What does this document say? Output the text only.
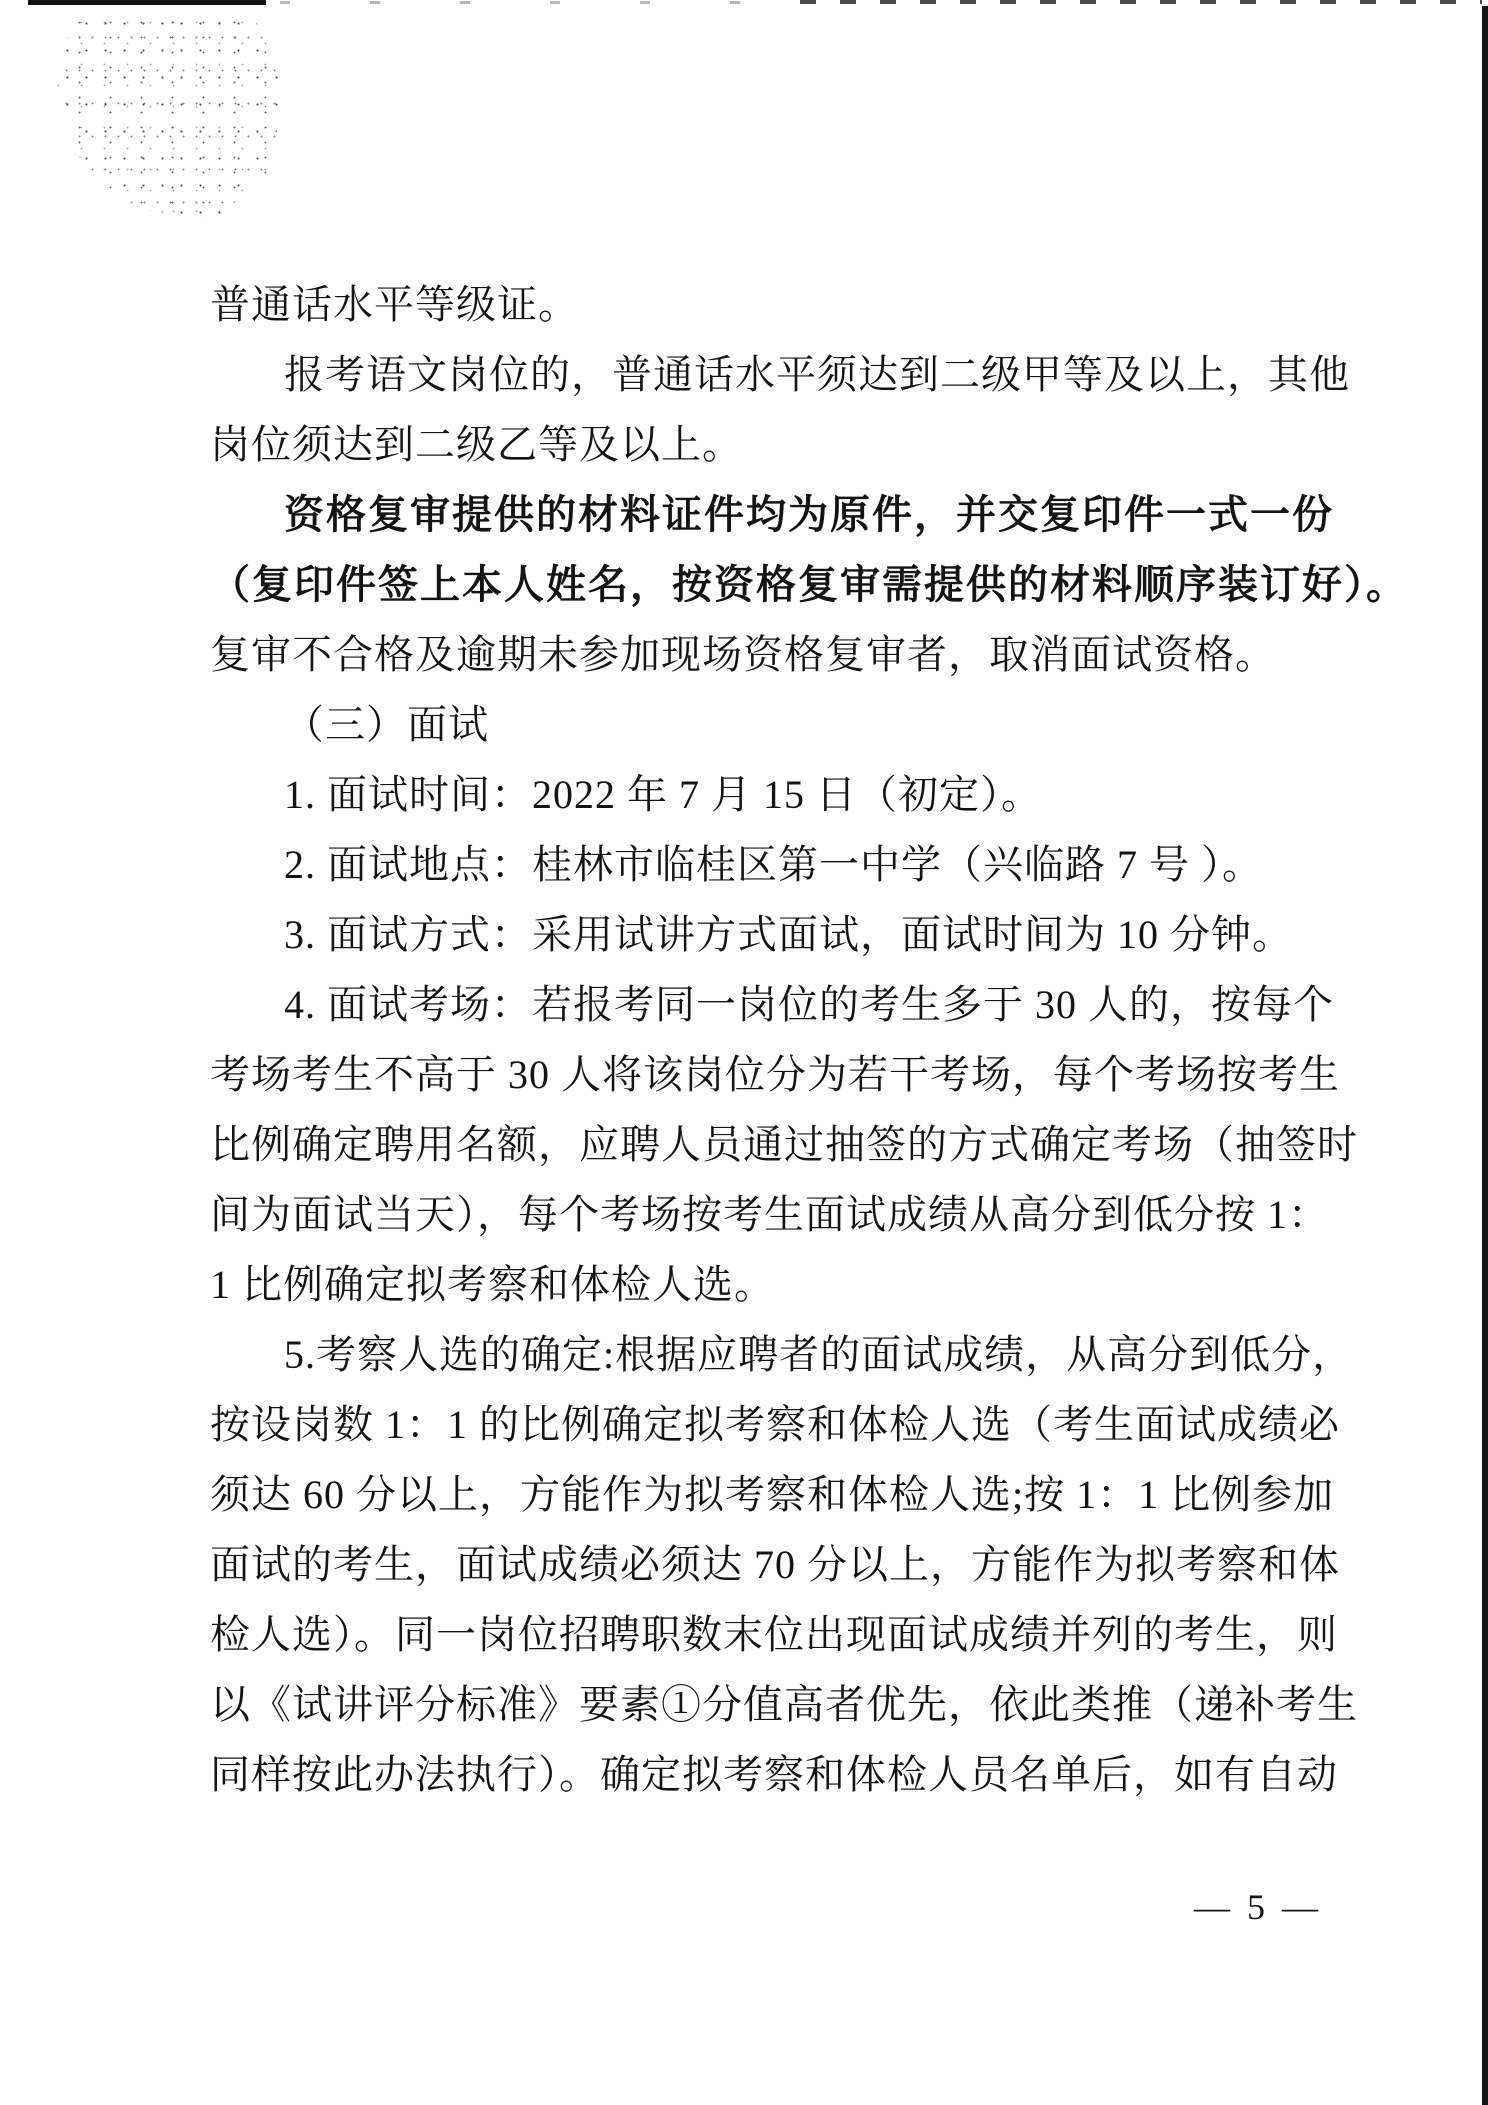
普通话水平等级证。
报考语文岗位的，普通话水平须达到二级甲等及以上，其他
岗位须达到二级乙等及以上。
资格复审提供的材料证件均为原件，并交复印件一式一份
（复印件签上本人姓名，按资格复审需提供的材料顺序装订好）。
复审不合格及逾期未参加现场资格复审者，取消面试资格。
（三）面试
1. 面试时间：2022 年 7 月 15 日（初定）。
2. 面试地点：桂林市临桂区第一中学（兴临路 7 号 ）。
3. 面试方式：采用试讲方式面试，面试时间为 10 分钟。
4. 面试考场：若报考同一岗位的考生多于 30 人的，按每个
考场考生不高于 30 人将该岗位分为若干考场，每个考场按考生
比例确定聘用名额，应聘人员通过抽签的方式确定考场（抽签时
间为面试当天），每个考场按考生面试成绩从高分到低分按 1：
1 比例确定拟考察和体检人选。
5.考察人选的确定:根据应聘者的面试成绩，从高分到低分，
按设岗数 1：1 的比例确定拟考察和体检人选（考生面试成绩必
须达 60 分以上，方能作为拟考察和体检人选;按 1：1 比例参加
面试的考生，面试成绩必须达 70 分以上，方能作为拟考察和体
检人选）。同一岗位招聘职数末位出现面试成绩并列的考生，则
以《试讲评分标准》要素①分值高者优先，依此类推（递补考生
同样按此办法执行）。确定拟考察和体检人员名单后，如有自动
— 5 —
